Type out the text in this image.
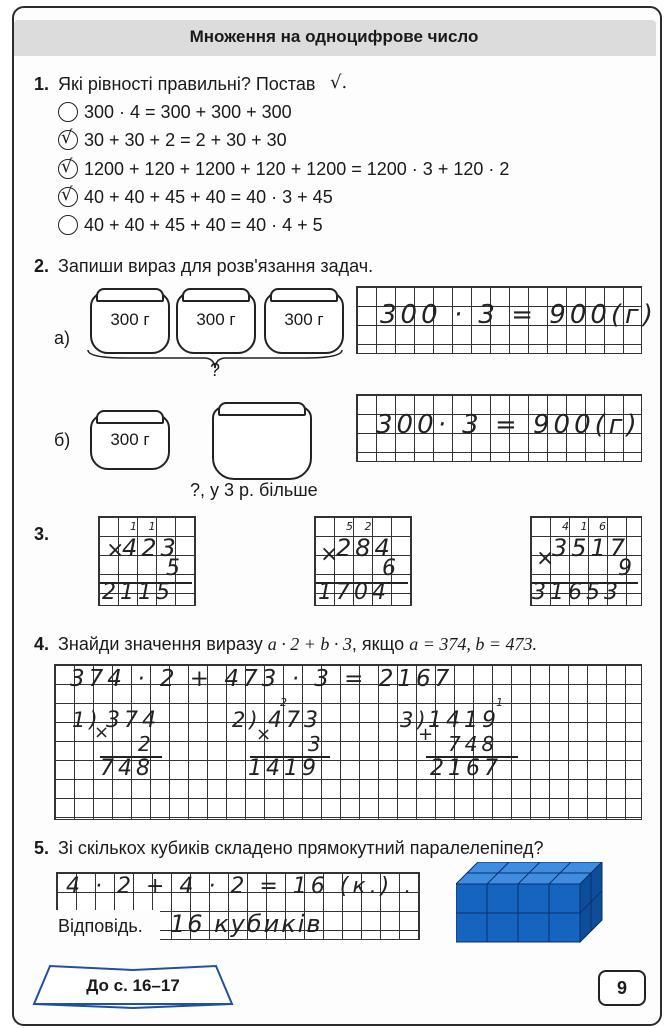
Множення на одноцифрове число
1. Які рівності правильні? Постав √.
300 · 4 = 300 + 300 + 300
√ 30 + 30 + 2 = 2 + 30 + 30
√ 1200 + 120 + 1200 + 120 + 1200 = 1200 · 3 + 120 · 2
√ 40 + 40 + 45 + 40 = 40 · 3 + 45
40 + 40 + 45 + 40 = 40 · 4 + 5
2. Запиши вираз для розв'язання задач.
а)
300 г	300 г	300 г
?
300 · 3 = 900(г)
б)	300 г
?, у 3 р. більше
300· 3 = 900(г)
3.	1 1
×
423
5
2115
5 2
×
284
6
1704
4 1 6
×
3517
9
31653
4. Знайди значення виразу a · 2 + b · 3, якщо a = 374, b = 473.
374 · 2 + 473 · 3 = 2167
1)
×
374
2
748
2)
×
2
473
3
1419
3)
+
1
1419
748
2167
5. Зі скількох кубиків складено прямокутний паралелепіпед?
4 · 2 + 4 · 2 = 16 (к.) .
Відповідь. 16 кубиків
До с. 16–17	9
